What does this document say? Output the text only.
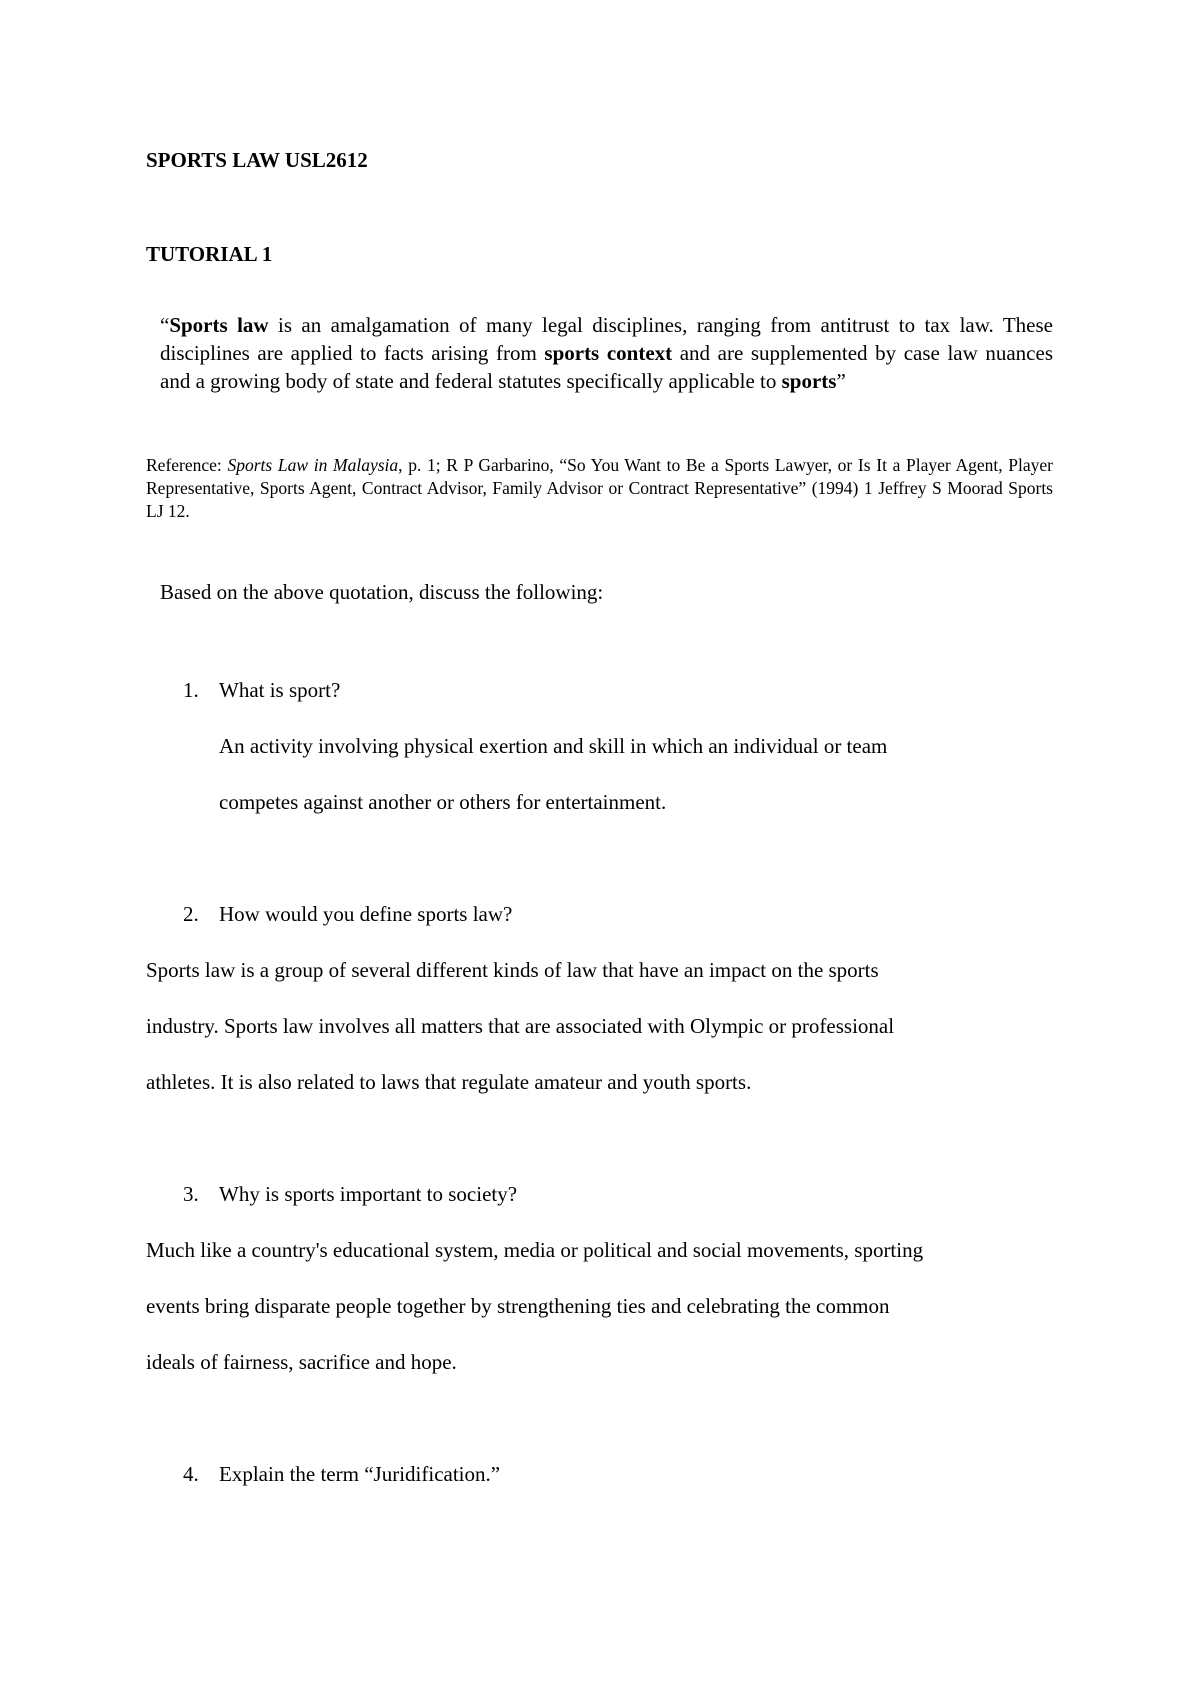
SPORTS LAW USL2612
TUTORIAL 1
“Sports law is an amalgamation of many legal disciplines, ranging from antitrust to tax law. These disciplines are applied to facts arising from sports context and are supplemented by case law nuances and a growing body of state and federal statutes specifically applicable to sports”
Reference: Sports Law in Malaysia, p. 1; R P Garbarino, “So You Want to Be a Sports Lawyer, or Is It a Player Agent, Player Representative, Sports Agent, Contract Advisor, Family Advisor or Contract Representative” (1994) 1 Jeffrey S Moorad Sports LJ 12.
Based on the above quotation, discuss the following:
1. What is sport?
An activity involving physical exertion and skill in which an individual or team
competes against another or others for entertainment.
2. How would you define sports law?
Sports law is a group of several different kinds of law that have an impact on the sports
industry. Sports law involves all matters that are associated with Olympic or professional
athletes. It is also related to laws that regulate amateur and youth sports.
3. Why is sports important to society?
Much like a country's educational system, media or political and social movements, sporting
events bring disparate people together by strengthening ties and celebrating the common
ideals of fairness, sacrifice and hope.
4. Explain the term “Juridification.”
